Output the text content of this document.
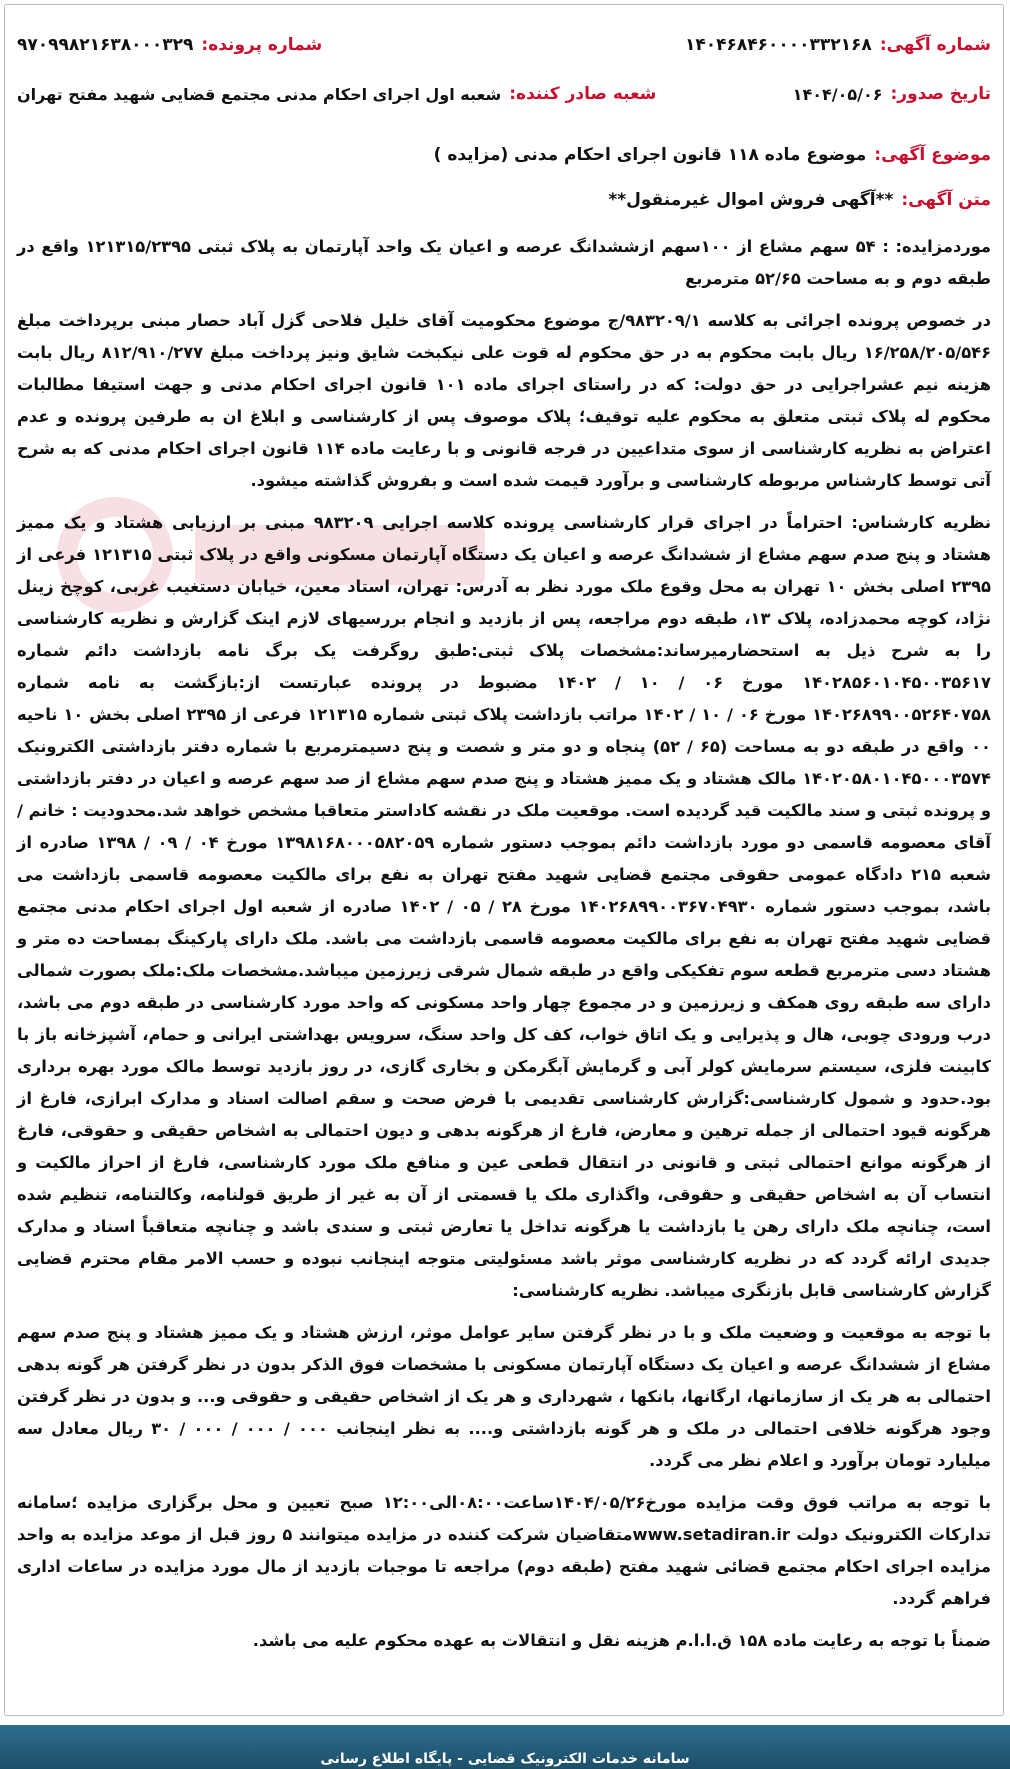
شماره آگهی:
۱۴۰۴۶۸۴۶۰۰۰۰۳۳۲۱۶۸
شماره پرونده:
۹۷۰۹۹۸۲۱۶۳۸۰۰۰۳۲۹
تاریخ صدور:
۱۴۰۴/۰۵/۰۶
شعبه صادر کننده:
شعبه اول اجرای احکام مدنی مجتمع قضایی شهید مفتح تهران
موضوع آگهی:
موضوع ماده ۱۱۸ قانون اجرای احکام مدنی (مزایده )
متن آگهی:
**آگهی فروش اموال غیرمنقول**

موردمزایده: : ۵۴ سهم مشاع از ۱۰۰سهم ازششدانگ عرصه و اعیان یک واحد آپارتمان به پلاک ثبتی ۱۲۱۳۱۵/۲۳۹۵ واقع در طبقه دوم و به مساحت ۵۲/۶۵ مترمربع

در خصوص پرونده اجرائی به کلاسه ۹۸۳۲۰۹/۱/ج موضوع محکومیت آقای خلیل فلاحی گزل آباد حصار مبنی برپرداخت مبلغ ۱۶/۲۵۸/۲۰۵/۵۴۶ ریال بابت محکوم به در حق محکوم له قوت علی نیکبخت شایق ونیز پرداخت مبلغ ۸۱۲/۹۱۰/۲۷۷ ریال بابت هزینه نیم عشراجرایی در حق دولت: که در راستای اجرای ماده ۱۰۱ قانون اجرای احکام مدنی و جهت استیفا مطالبات محکوم له پلاک ثبتی متعلق به محکوم علیه توقیف؛ پلاک موصوف پس از کارشناسی و ابلاغ ان به طرفین پرونده و عدم اعتراض به نظریه کارشناسی از سوی متداعیین در فرجه قانونی و با رعایت ماده ۱۱۴ قانون اجرای احکام مدنی که به شرح آتی توسط کارشناس مربوطه کارشناسی و برآورد قیمت شده است و بفروش گذاشته میشود.

نظریه کارشناس: احتراماً در اجرای قرار کارشناسی پرونده کلاسه اجرایی ۹۸۳۲۰۹ مبنی بر ارزیابی هشتاد و یک ممیز هشتاد و پنج صدم سهم مشاع از ششدانگ عرصه و اعیان یک دستگاه آپارتمان مسکونی واقع در پلاک ثبتی ۱۲۱۳۱۵ فرعی از ۲۳۹۵ اصلی بخش ۱۰ تهران به محل وقوع ملک مورد نظر به آدرس: تهران، استاد معین، خیابان دستغیب غربی، کوچخ زینل نژاد، کوچه محمدزاده، پلاک ۱۳، طبقه دوم مراجعه، پس از بازدید و انجام بررسیهای لازم اینک گزارش و نظریه کارشناسی را به شرح ذیل به استحضارمیرساند:مشخصات پلاک ثبتی:طبق روگرفت یک برگ نامه بازداشت دائم شماره ۱۴۰۲۸۵۶۰۱۰۴۵۰۰۳۵۶۱۷ مورخ ۰۶ / ۱۰ / ۱۴۰۲ مضبوط در پرونده عبارتست از:بازگشت به نامه شماره ۱۴۰۲۶۸۹۹۰۰۵۲۶۴۰۷۵۸ مورخ ۰۶ / ۱۰ / ۱۴۰۲ مراتب بازداشت پلاک ثبتی شماره ۱۲۱۳۱۵ فرعی از ۲۳۹۵ اصلی بخش ۱۰ ناحیه ۰۰ واقع در طبقه دو به مساحت (۶۵ / ۵۲) پنجاه و دو متر و شصت و پنج دسیمترمربع با شماره دفتر بازداشتی الکترونیک ۱۴۰۲۰۵۸۰۱۰۴۵۰۰۰۳۵۷۴ مالک هشتاد و یک ممیز هشتاد و پنج صدم سهم مشاع از صد سهم عرصه و اعیان در دفتر بازداشتی و پرونده ثبتی و سند مالکیت قید گردیده است. موقعیت ملک در نقشه کاداستر متعاقبا مشخص خواهد شد.محدودیت : خانم / آقای معصومه قاسمی دو مورد بازداشت دائم بموجب دستور شماره ۱۳۹۸۱۶۸۰۰۰۵۸۲۰۵۹ مورخ ۰۴ / ۰۹ / ۱۳۹۸ صادره از شعبه ۲۱۵ دادگاه عمومی حقوقی مجتمع قضایی شهید مفتح تهران به نفع برای مالکیت معصومه قاسمی بازداشت می باشد، بموجب دستور شماره ۱۴۰۲۶۸۹۹۰۰۳۶۷۰۴۹۳۰ مورخ ۲۸ / ۰۵ / ۱۴۰۲ صادره از شعبه اول اجرای احکام مدنی مجتمع قضایی شهید مفتح تهران به نفع برای مالکیت معصومه قاسمی بازداشت می باشد. ملک دارای پارکینگ بمساحت ده متر و هشتاد دسی مترمربع قطعه سوم تفکیکی واقع در طبقه شمال شرقی زیرزمین میباشد.مشخصات ملک:ملک بصورت شمالی دارای سه طبقه روی همکف و زیرزمین و در مجموع چهار واحد مسکونی که واحد مورد کارشناسی در طبقه دوم می باشد، درب ورودی چوبی، هال و پذیرایی و یک اتاق خواب، کف کل واحد سنگ، سرویس بهداشتی ایرانی و حمام، آشپزخانه باز با کابینت فلزی، سیستم سرمایش کولر آبی و گرمایش آبگرمکن و بخاری گازی، در روز بازدید توسط مالک مورد بهره برداری بود.حدود و شمول کارشناسی:گزارش کارشناسی تقدیمی با فرض صحت و سقم اصالت اسناد و مدارک ابرازی، فارغ از هرگونه قیود احتمالی از جمله ترهین و معارض، فارغ از هرگونه بدهی و دیون احتمالی به اشخاص حقیقی و حقوقی، فارغ از هرگونه موانع احتمالی ثبتی و قانونی در انتقال قطعی عین و منافع ملک مورد کارشناسی، فارغ از احراز مالکیت و انتساب آن به اشخاص حقیقی و حقوقی، واگذاری ملک یا قسمتی از آن به غیر از طریق قولنامه، وکالتنامه، تنظیم شده است، چنانچه ملک دارای رهن یا بازداشت یا هرگونه تداخل یا تعارض ثبتی و سندی باشد و چنانچه متعاقباً اسناد و مدارک جدیدی ارائه گردد که در نظریه کارشناسی موثر باشد مسئولیتی متوجه اینجانب نبوده و حسب الامر مقام محترم قضایی گزارش کارشناسی قابل بازنگری میباشد. نظریه کارشناسی:

با توجه به موقعیت و وضعیت ملک و با در نظر گرفتن سایر عوامل موثر، ارزش هشتاد و یک ممیز هشتاد و پنج صدم سهم مشاع از ششدانگ عرصه و اعیان یک دستگاه آپارتمان مسکونی با مشخصات فوق الذکر بدون در نظر گرفتن هر گونه بدهی احتمالی به هر یک از سازمانها، ارگانها، بانکها ، شهرداری و هر یک از اشخاص حقیقی و حقوقی و... و بدون در نظر گرفتن وجود هرگونه خلافی احتمالی در ملک و هر گونه بازداشتی و.... به نظر اینجانب ۰۰۰ / ۰۰۰ / ۰۰۰ / ۳۰ ریال معادل سه میلیارد تومان برآورد و اعلام نظر می گردد.

با توجه به مراتب فوق وقت مزایده مورخ۱۴۰۴/۰۵/۲۶ساعت۰۸:۰۰الی۱۲:۰۰ صبح تعیین و محل برگزاری مزایده ؛سامانه تدارکات الکترونیک دولت www.setadiran.irمتقاضیان شرکت کننده در مزایده میتوانند ۵ روز قبل از موعد مزایده به واحد مزایده اجرای احکام مجتمع قضائی شهید مفتح (طبقه دوم) مراجعه تا موجبات بازدید از مال مورد مزایده در ساعات اداری فراهم گردد.

ضمناً با توجه به رعایت ماده ۱۵۸ ق.ا.ا.م هزینه نقل و انتقالات به عهده محکوم علیه می باشد.

سامانه خدمات الکترونیک قضایی - پایگاه اطلاع رسانی
